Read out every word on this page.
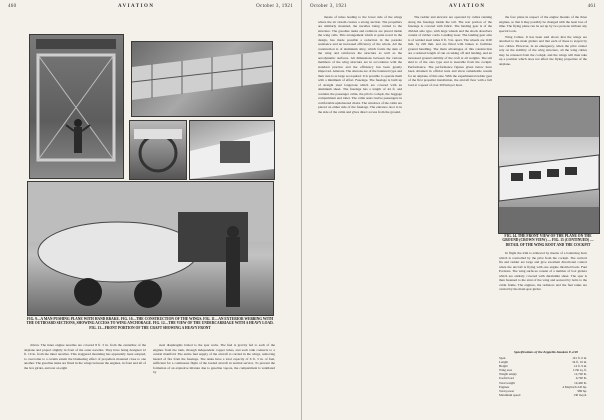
460	AVIATION	October 3, 1921
FIG. 9—A MAN PUSHING PLANE WITH HAND BRAKE. FIG. 10—THE CONSTRUCTION OF THE WINGS. FIG. 11—AN EXTERIOR WEBBING WITH THE OUTBOARD SECTIONS, SHOWING ACCESS TO WING ANCHORAGE. FIG. 12—THE VIEW OF THE UNDERCARRIAGE WITH A HEAVY LOAD. FIG. 13—FRONT PORTION OF THE CRAFT SHOWING A HEAVY FRONT

driven. The inner engine nacelles are covered 8 ft. 3 in. from the centerline of the airplane and project slightly in front of the outer nacelles. They have being designed 12 ft. 10 in. from the inner nacelles. This staggered mounting has apparently been adopted, to overcome to a certain extent the blanketing effect of propellers mounted close to one another. The gasoline tanks are fitted in the wings between the engines, in front and aft of the box girder, and rest on eight

steel diaphragms bolted to the spar webs. The fuel is gravity fed to each of the engines from the tank, through independent copper tubes, and each tank connects to a central manifold. The entire fuel supply of the aircraft is carried in the wings, removing hazard of fire from the fuselage. The tanks have a total capacity of 6 ft. 3 in. of fuel, sufficient for a continuous flight of the loaded aircraft in normal service. To prevent the formation of an explosive mixture due to gasoline vapors, the compartment is ventilated by

October 3, 1921	AVIATION	461

means of tubes leading to the lower side of the wings where the air stream creates a strong suction. The propellers are similarly mounted, the nacelles being carried to the structure. The gasoline tanks and radiators are placed inside the wing cells. This arrangement which is quite novel in the design, has made possible a reduction in the parasite resistance and an increased efficiency of the whole. All the construction is of aluminum alloy, which forms the skin of the wing and reinforces the structure as well as the aerodynamic surfaces. All dimensions between the various members of the wing structure are in accordance with the standard practice and the efficiency has been greatly improved. Ailerons. The ailerons are of the balanced type and their size is as large as required. It is possible to operate them with a minimum of effort. Fuselage. The fuselage is built up of straight steel longerons which are covered with an aluminum sheet. The fuselage has a length of 44 ft. and contains the passenger cabin, the pilot's cockpit, the baggage compartment and toilet. The cabin seats twelve passengers in comfortable upholstered chairs. The windows of the cabin are placed on either side of the fuselage. The entrance door is in the side of the cabin and gives direct access from the ground.

The rudder and elevator are operated by cables running along the fuselage inside the tail. The rear portion of the fuselage is covered with fabric. The landing gear is of the divided axle type, with large wheels and the shock absorbers consist of rubber cords. Landing Gear. The landing gear axle is of welded steel tubes 6 ft. 3 in. apart. The wheels are 1100 mm. by 220 mm. and are fitted with brakes to facilitate ground handling. The main advantages of this construction are a reduced length of run on taking off and landing, and an increased ground stability of the craft at all weights. The tail skid is of the oleo type and is steerable from the cockpit. Performance. The performance figures given below have been obtained in official tests and show remarkable results for an airplane of this size. With the experimental rudder gear of the first propeller installation, the aircraft flew with a full load at a speed of over 200 km per hour.

the fore plane in respect of the engine mounts of the three engines, so that it may possibly be changed with the least loss of time. The flying plane can be set up by two persons without any special tools.

Wing Cables. It has been said above that the wings are attached to the main girders and that each of these is stayed by two cables. However, in an emergency, when the pilot cannot rely on the stability of the wing structure, all the wing cables may be released from the cockpit, and the wings will then take up a position which does not affect the flying properties of the airplane.

FIG. 14. THE FRONT VIEW OF THE PLANE ON THE GROUND (CROWN VIEW) — FIG. 15 (CONTINUED) — DETAIL OF THE WING ROOT AND THE COCKPIT

In flight the trim is achieved by means of a balancing horn which is controlled by the pilot from the cockpit. The vertical fin and rudder are large and give excellent directional control when the aircraft is flying with one engine throttled back. Fuel Portions. The wing surfaces consist of a number of box girders which are entirely covered with duralumin sheet. The spar is then fastened to the strut of the wing and secured by bolts to the cabin frame. The engines, the radiators and the fuel tanks are carried by the main spar girder.

Specifications of the Zeppelin-Staaken E.4/20

Span	101 ft. 0 in.
Length	54 ft. 10 in.
Height	14 ft. 9 in.
Wing area	1136 sq. ft.
Weight empty	12,700 lb.
Useful load	6,700 lb.
Total weight	19,400 lb.
Engines	4 Maybach 245 hp.
Total power	980 hp.
Maximum speed	130 m.p.h.
